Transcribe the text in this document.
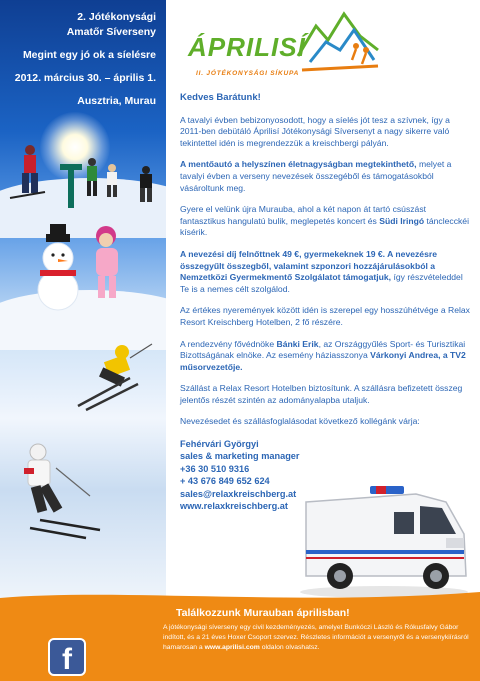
2. Jótékonysági
Amatőr Síverseny
Megint egy jó ok a síelésre
2012. március 30. – április 1.
Ausztria, Murau
ÁPRILISÍ
II. JÓTÉKONYSÁGI SÍKUPA

Kedves Barátunk!

A tavalyi évben bebizonyosodott, hogy a síelés jót tesz a szívnek, így a 2011-ben debütáló Áprilisí Jótékonysági Síversenyt a nagy sikerre való tekintettel idén is megrendezzük a kreischbergi pályán.

A mentőautó a helyszínen életnagyságban megtekinthető, melyet a tavalyi évben a verseny nevezések összegéből és támogatásokból vásároltunk meg.

Gyere el velünk újra Murauba, ahol a két napon át tartó csúszást fantasztikus hangulatú bulik, meglepetés koncert és Südi Iringó tánclecckéi kísérik.

A nevezési díj felnőttnek 49 €, gyermekeknek 19 €. A nevezésre összegyűlt összegből, valamint szponzori hozzájárulásokból a Nemzetközi Gyermekmentő Szolgálatot támogatjuk, így részvételeddel Te is a nemes célt szolgálod.

Az értékes nyeremények között idén is szerepel egy hosszúhétvége a Relax Resort Kreischberg Hotelben, 2 fő részére.

A rendezvény fővédnöke Bánki Erik, az Országgyűlés Sport- és Turisztikai Bizottságának elnöke. Az esemény háziasszonya Várkonyi Andrea, a TV2 műsorvezetője.

Szállást a Relax Resort Hotelben biztosítunk. A szállásra befizetett összeg jelentős részét szintén az adományalapba utaljuk.

Nevezésedet és szállásfoglalásodat következő kollégánk várja:

Fehérvári Györgyi
sales & marketing manager
+36 30 510 9316
+ 43 676 849 652 624
sales@relaxkreischberg.at
www.relaxkreischberg.at
f
Találkozzunk Murauban áprilisban!
A jótékonysági síverseny egy civil kezdeményezés, amelyet Bunkóczi László és Rókusfalvy Gábor indított, és a 21 éves Hoxer Csoport szervez. Részletes információt a versenyről és a versenykiírásról hamarosan a www.aprilisi.com oldalon olvashatsz.
